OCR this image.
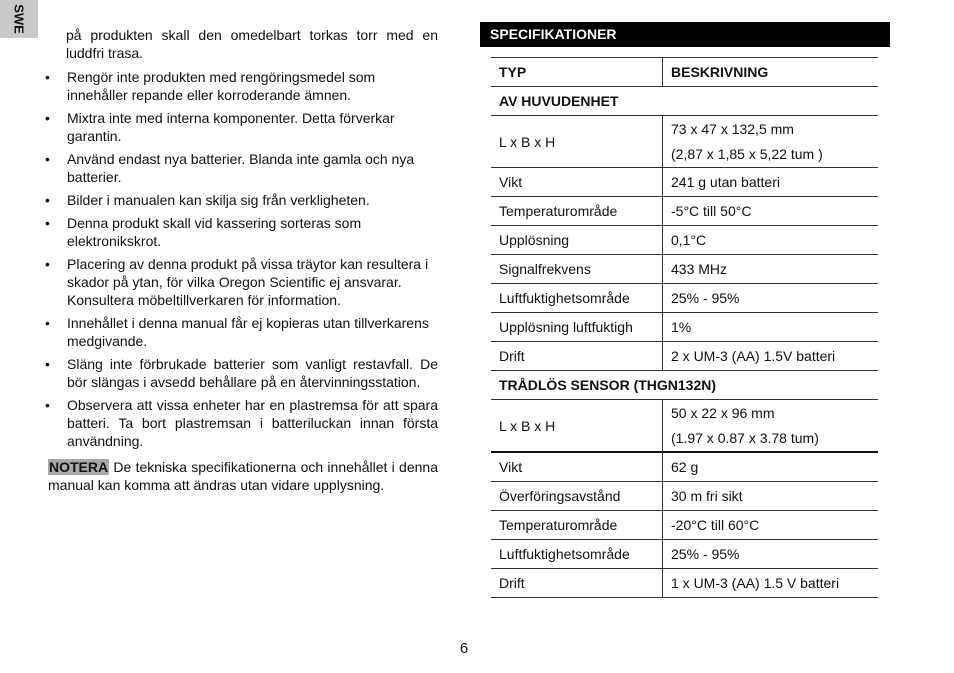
SWE
på produkten skall den omedelbart torkas torr med en luddfri trasa.
• Rengör inte produkten med rengöringsmedel som innehåller repande eller korroderande ämnen.
• Mixtra inte med interna komponenter. Detta förverkar garantin.
• Använd endast nya batterier. Blanda inte gamla och nya batterier.
• Bilder i manualen kan skilja sig från verkligheten.
• Denna produkt skall vid kassering sorteras som elektronikskrot.
• Placering av denna produkt på vissa träytor kan resultera i skador på ytan, för vilka Oregon Scientific ej ansvarar. Konsultera möbeltillverkaren för information.
• Innehållet i denna manual får ej kopieras utan tillverkarens medgivande.
• Släng inte förbrukade batterier som vanligt restavfall. De bör slängas i avsedd behållare på en återvinningsstation.
• Observera att vissa enheter har en plastremsa för att spara batteri. Ta bort plastremsan i batteriluckan innan första användning.
NOTERA De tekniska specifikationerna och innehållet i denna manual kan komma att ändras utan vidare upplysning.
SPECIFIKATIONER
TYP	BESKRIVNING
AV HUVUDENHET	
L x B x H	73 x 47 x 132,5 mm
(2,87 x 1,85 x 5,22 tum )

Vikt	241 g utan batteri
Temperaturområde	-5°C till 50°C
Upplösning	0,1°C
Signalfrekvens	433 MHz
Luftfuktighetsområde	25% - 95%
Upplösning luftfuktigh	1%
Drift	2 x UM-3 (AA) 1.5V batteri
TRÅDLÖS SENSOR (THGN132N)	
L x B x H	50 x 22 x 96 mm
(1.97 x 0.87 x 3.78 tum)

Vikt	62 g
Överföringsavstånd	30 m fri sikt
Temperaturområde	-20°C till 60°C
Luftfuktighetsområde	25% - 95%
Drift	1 x UM-3 (AA) 1.5 V batteri
6
